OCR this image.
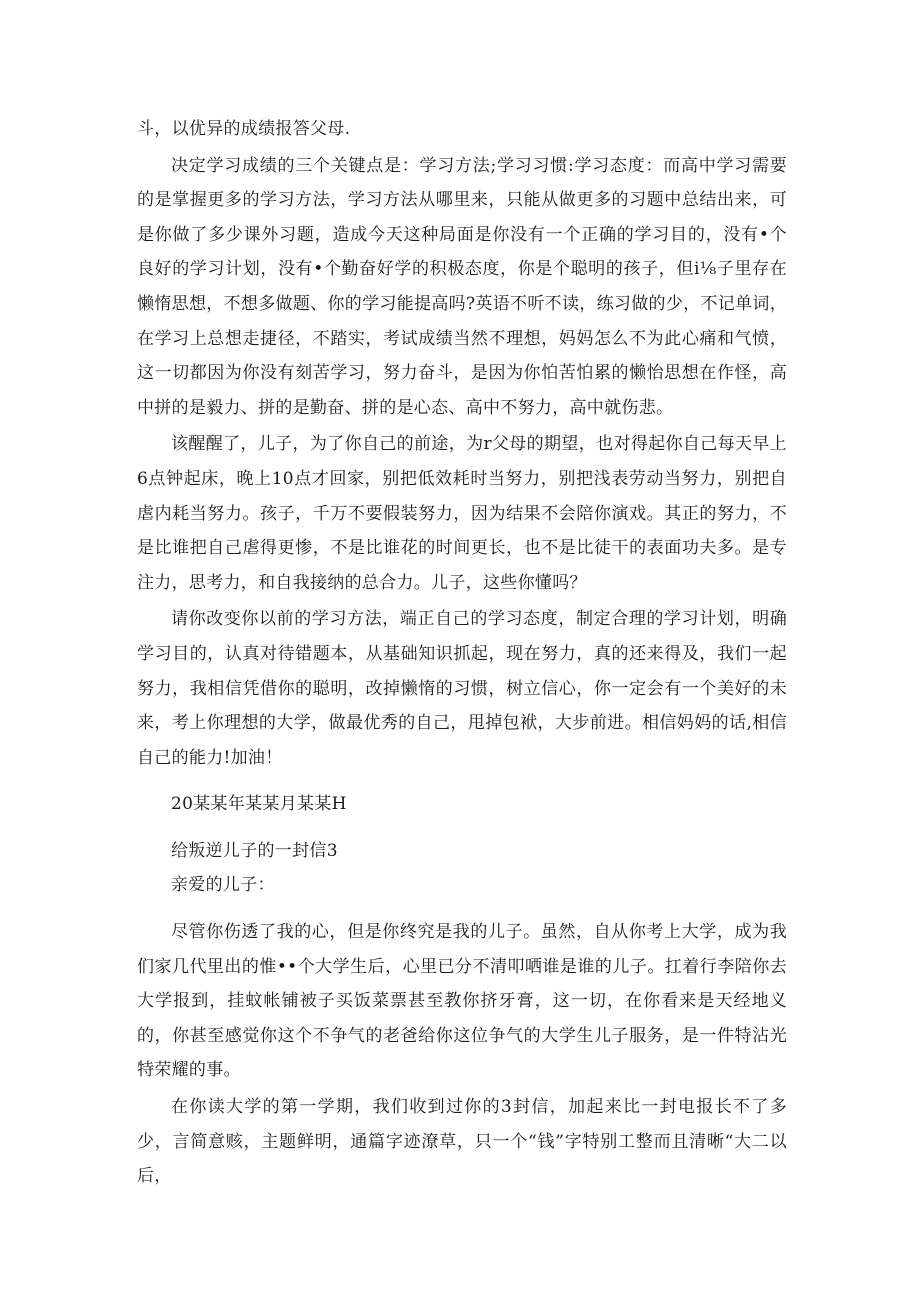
斗，以优异的成绩报答父母.

决定学习成绩的三个关键点是：学习方法;学习习惯:学习态度：而高中学习需要的是掌握更多的学习方法，学习方法从哪里来，只能从做更多的习题中总结出来，可是你做了多少课外习题，造成今天这种局面是你没有一个正确的学习目的，没有•个良好的学习计划，没有•个勤奋好学的积极态度，你是个聪明的孩子，但i⅛子里存在懒惰思想，不想多做题、你的学习能提高吗?英语不听不读，练习做的少，不记单词，在学习上总想走捷径，不踏实，考试成绩当然不理想，妈妈怎么不为此心痛和气愤，这一切都因为你没有刻苦学习，努力奋斗，是因为你怕苦怕累的懒怡思想在作怪，高中拼的是毅力、拼的是勤奋、拼的是心态、高中不努力，高中就伤悲。

该醒醒了，儿子，为了你自己的前途，为r父母的期望，也对得起你自己每天早上6点钟起床，晚上10点才回家，别把低效耗时当努力，别把浅表劳动当努力，别把自虐内耗当努力。孩子，千万不要假装努力，因为结果不会陪你演戏。其正的努力，不是比谁把自己虐得更惨，不是比谁花的时间更长，也不是比徒干的表面功夫多。是专注力，思考力，和自我接纳的总合力。儿子，这些你懂吗？

请你改变你以前的学习方法，端正自己的学习态度，制定合理的学习计划，明确学习目的，认真对待错题本，从基础知识抓起，现在努力，真的还来得及，我们一起努力，我相信凭借你的聪明，改掉懒惰的习惯，树立信心，你一定会有一个美好的未来，考上你理想的大学，做最优秀的自己，甩掉包袱，大步前进。相信妈妈的话,相信自己的能力!加油！

20某某年某某月某某H

给叛逆儿子的一封信3

亲爱的儿子：

尽管你伤透了我的心，但是你终究是我的儿子。虽然，自从你考上大学，成为我们家几代里出的惟••个大学生后，心里已分不清叩哂谁是谁的儿子。扛着行李陪你去大学报到，挂蚊帐铺被子买饭菜票甚至教你挤牙膏，这一切，在你看来是天经地义的，你甚至感觉你这个不争气的老爸给你这位争气的大学生儿子服务，是一件特沾光特荣耀的事。

在你读大学的第一学期，我们收到过你的3封信，加起来比一封电报长不了多少，言简意赅，主题鲜明，通篇字迹潦草，只一个“钱”字特别工整而且清晰“大二以后，
